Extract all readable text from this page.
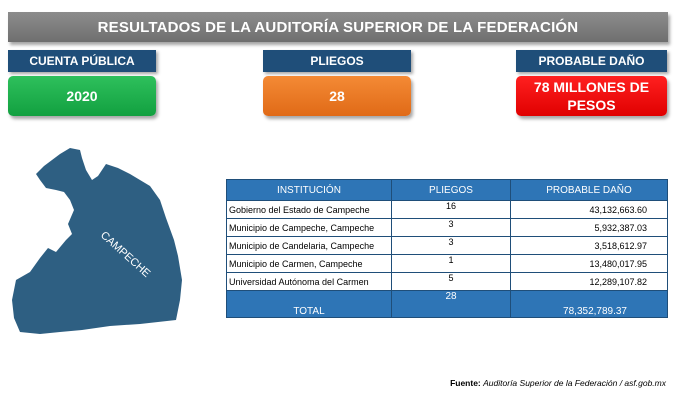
RESULTADOS DE LA AUDITORÍA SUPERIOR DE LA FEDERACIÓN
CUENTA PÚBLICA
2020
PLIEGOS
28
PROBABLE DAÑO
78 MILLONES DE PESOS
CAMPECHE
INSTITUCIÓN	PLIEGOS	PROBABLE DAÑO
Gobierno del Estado de Campeche	16	43,132,663.60
Municipio de Campeche, Campeche	3	5,932,387.03
Municipio de Candelaria, Campeche	3	3,518,612.97
Municipio de Carmen, Campeche	1	13,480,017.95
Universidad Autónoma del Carmen	5	12,289,107.82
TOTAL	28	78,352,789.37
Fuente: Auditoría Superior de la Federación / asf.gob.mx
